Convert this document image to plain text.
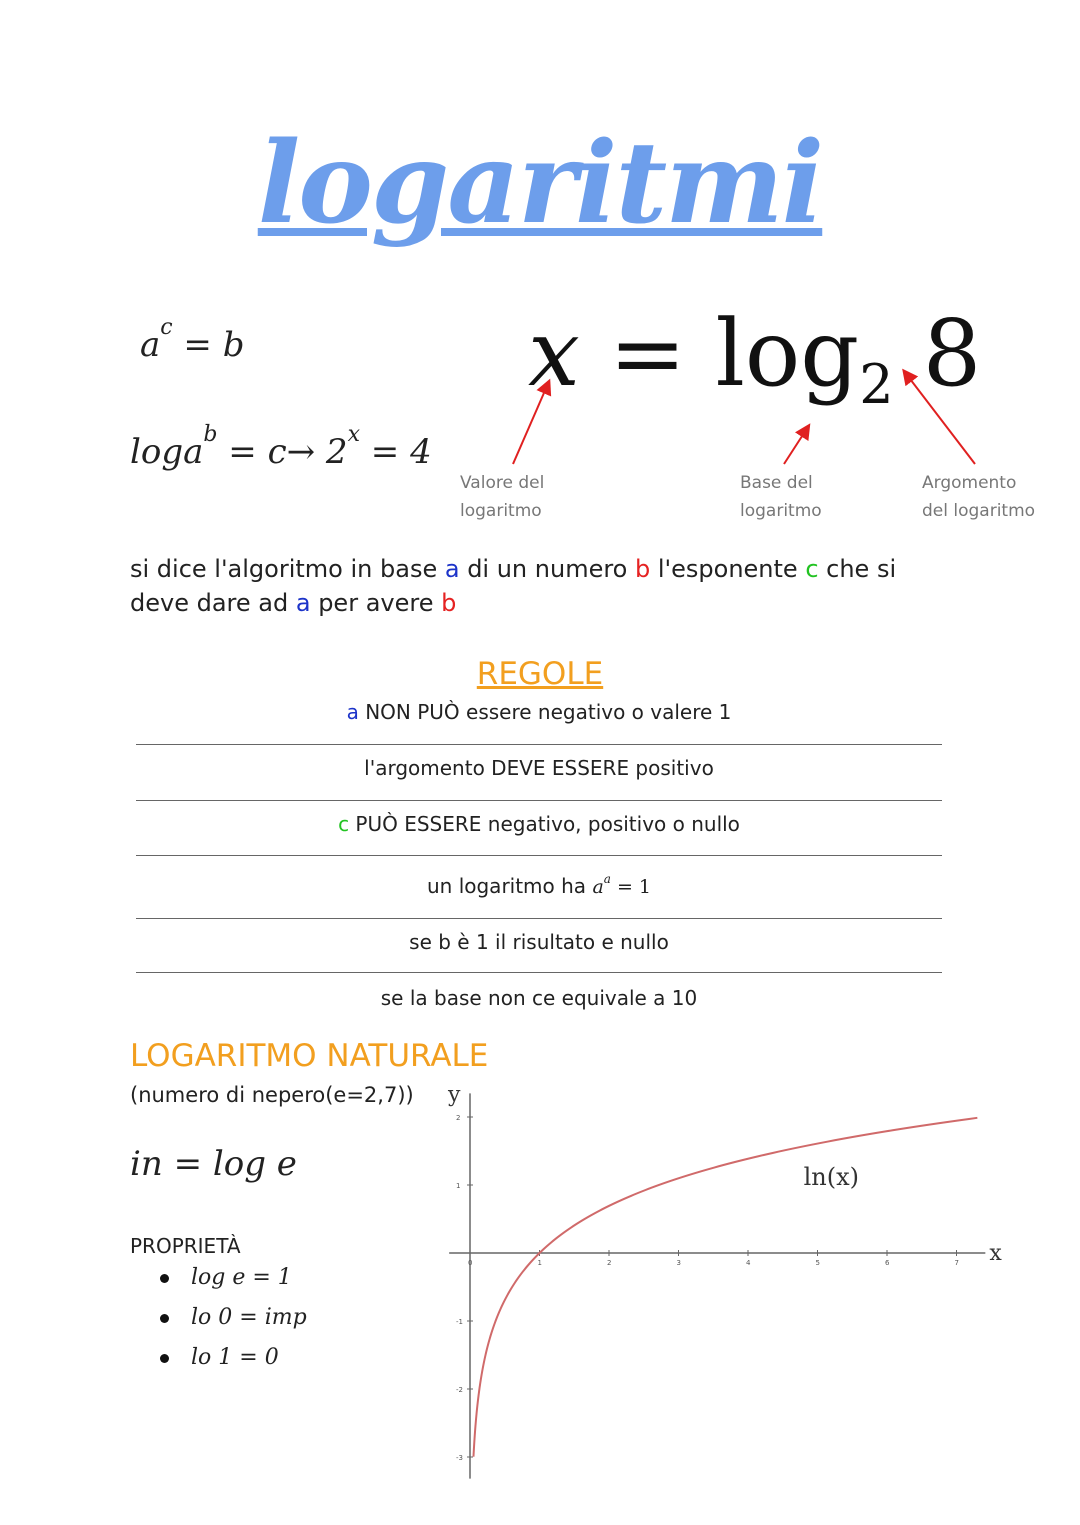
logaritmi
$a^c = b$
$\log a^b = c\to 2^x = 4$
$x = \log_2 8$
Valore del
logaritmo
Base del
logaritmo
Argomento
del logaritmo
si dice l'algoritmo in base a di un numero b l'esponente c che si deve dare ad a per avere b
REGOLE
a NON PUÒ essere negativo o valere 1
l'argomento DEVE ESSERE positivo
c PUÒ ESSERE negativo, positivo o nullo
un logaritmo ha $a^a = 1$
se b è 1 il risultato e nullo
se la base non ce equivale a 10
LOGARITMO NATURALE
(numero di nepero(e=2,7))
in = log e
PROPRIETÀ
log e = 1
lo 0 = imp
lo 1 = 0
0	1	2	3	4	5	6	7
2
1
-1
-2
-3
x
y
ln(x)
